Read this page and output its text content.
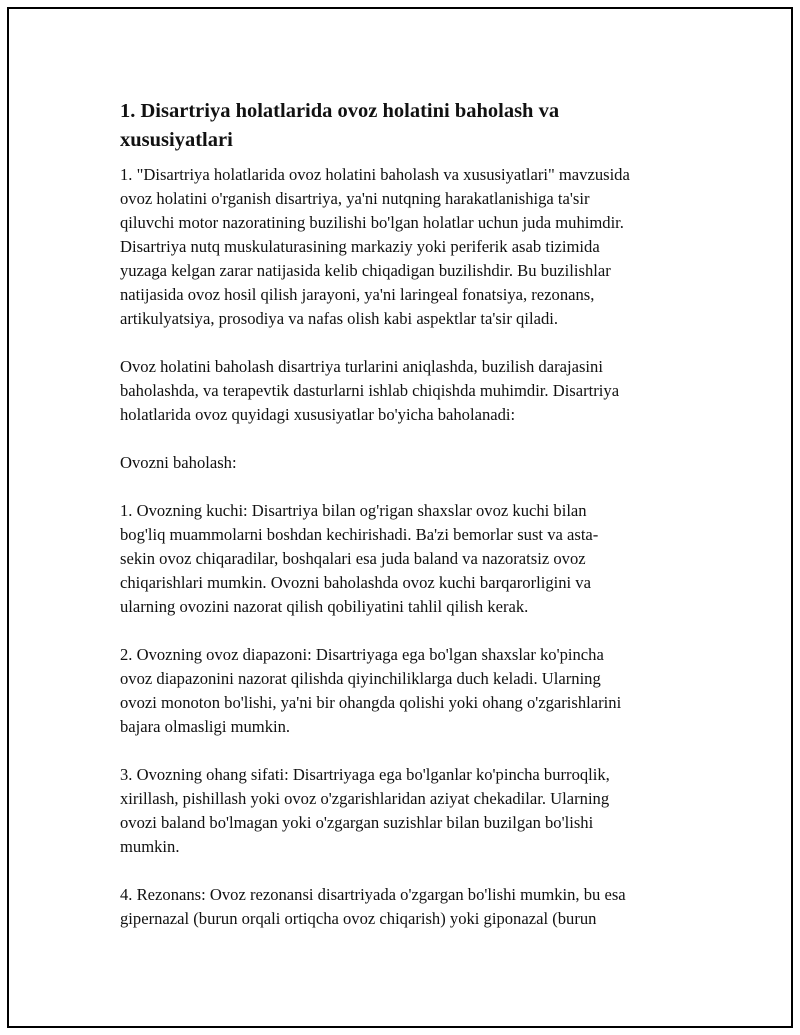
1. Disartriya holatlarida ovoz holatini baholash va
xususiyatlari
1. "Disartriya holatlarida ovoz holatini baholash va xususiyatlari" mavzusida
ovoz holatini o'rganish disartriya, ya'ni nutqning harakatlanishiga ta'sir
qiluvchi motor nazoratining buzilishi bo'lgan holatlar uchun juda muhimdir.
Disartriya nutq muskulaturasining markaziy yoki periferik asab tizimida
yuzaga kelgan zarar natijasida kelib chiqadigan buzilishdir. Bu buzilishlar
natijasida ovoz hosil qilish jarayoni, ya'ni laringeal fonatsiya, rezonans,
artikulyatsiya, prosodiya va nafas olish kabi aspektlar ta'sir qiladi.
Ovoz holatini baholash disartriya turlarini aniqlashda, buzilish darajasini
baholashda, va terapevtik dasturlarni ishlab chiqishda muhimdir. Disartriya
holatlarida ovoz quyidagi xususiyatlar bo'yicha baholanadi:
Ovozni baholash:
1. Ovozning kuchi: Disartriya bilan og'rigan shaxslar ovoz kuchi bilan
bog'liq muammolarni boshdan kechirishadi. Ba'zi bemorlar sust va asta-
sekin ovoz chiqaradilar, boshqalari esa juda baland va nazoratsiz ovoz
chiqarishlari mumkin. Ovozni baholashda ovoz kuchi barqarorligini va
ularning ovozini nazorat qilish qobiliyatini tahlil qilish kerak.
2. Ovozning ovoz diapazoni: Disartriyaga ega bo'lgan shaxslar ko'pincha
ovoz diapazonini nazorat qilishda qiyinchiliklarga duch keladi. Ularning
ovozi monoton bo'lishi, ya'ni bir ohangda qolishi yoki ohang o'zgarishlarini
bajara olmasligi mumkin.
3. Ovozning ohang sifati: Disartriyaga ega bo'lganlar ko'pincha burroqlik,
xirillash, pishillash yoki ovoz o'zgarishlaridan aziyat chekadilar. Ularning
ovozi baland bo'lmagan yoki o'zgargan suzishlar bilan buzilgan bo'lishi
mumkin.
4. Rezonans: Ovoz rezonansi disartriyada o'zgargan bo'lishi mumkin, bu esa
gipernazal (burun orqali ortiqcha ovoz chiqarish) yoki giponazal (burun
